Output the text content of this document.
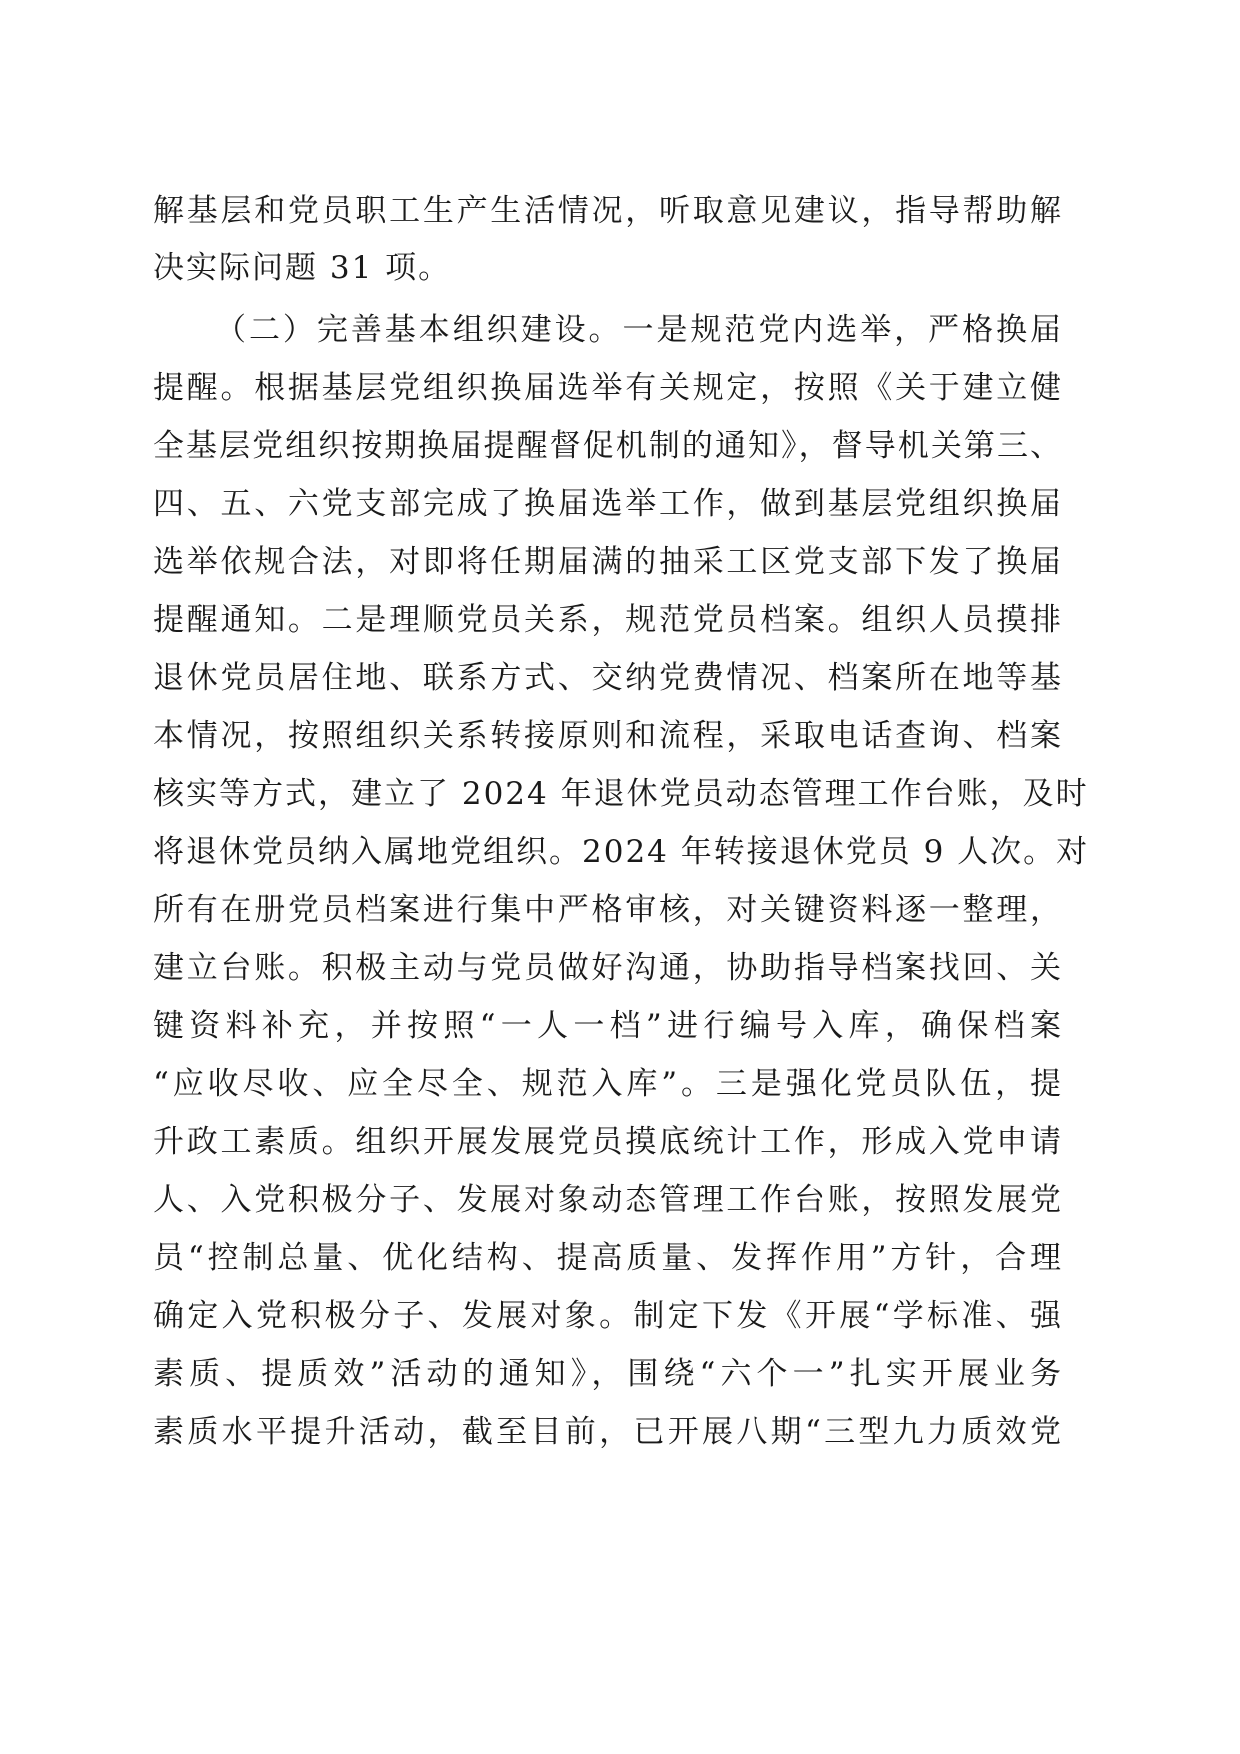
解基层和党员职工生产生活情况，听取意见建议，指导帮助解
决实际问题 31 项。
（二）完善基本组织建设。一是规范党内选举，严格换届
提醒。根据基层党组织换届选举有关规定，按照《关于建立健
全基层党组织按期换届提醒督促机制的通知》，督导机关第三、
四、五、六党支部完成了换届选举工作，做到基层党组织换届
选举依规合法，对即将任期届满的抽采工区党支部下发了换届
提醒通知。二是理顺党员关系，规范党员档案。组织人员摸排
退休党员居住地、联系方式、交纳党费情况、档案所在地等基
本情况，按照组织关系转接原则和流程，采取电话查询、档案
核实等方式，建立了 2024 年退休党员动态管理工作台账，及时
将退休党员纳入属地党组织。2024 年转接退休党员 9 人次。对
所有在册党员档案进行集中严格审核，对关键资料逐一整理，
建立台账。积极主动与党员做好沟通，协助指导档案找回、关
键资料补充，并按照“一人一档”进行编号入库，确保档案
“应收尽收、应全尽全、规范入库”。三是强化党员队伍，提
升政工素质。组织开展发展党员摸底统计工作，形成入党申请
人、入党积极分子、发展对象动态管理工作台账，按照发展党
员“控制总量、优化结构、提高质量、发挥作用”方针，合理
确定入党积极分子、发展对象。制定下发《开展“学标准、强
素质、提质效”活动的通知》，围绕“六个一”扎实开展业务
素质水平提升活动，截至目前，已开展八期“三型九力质效党
